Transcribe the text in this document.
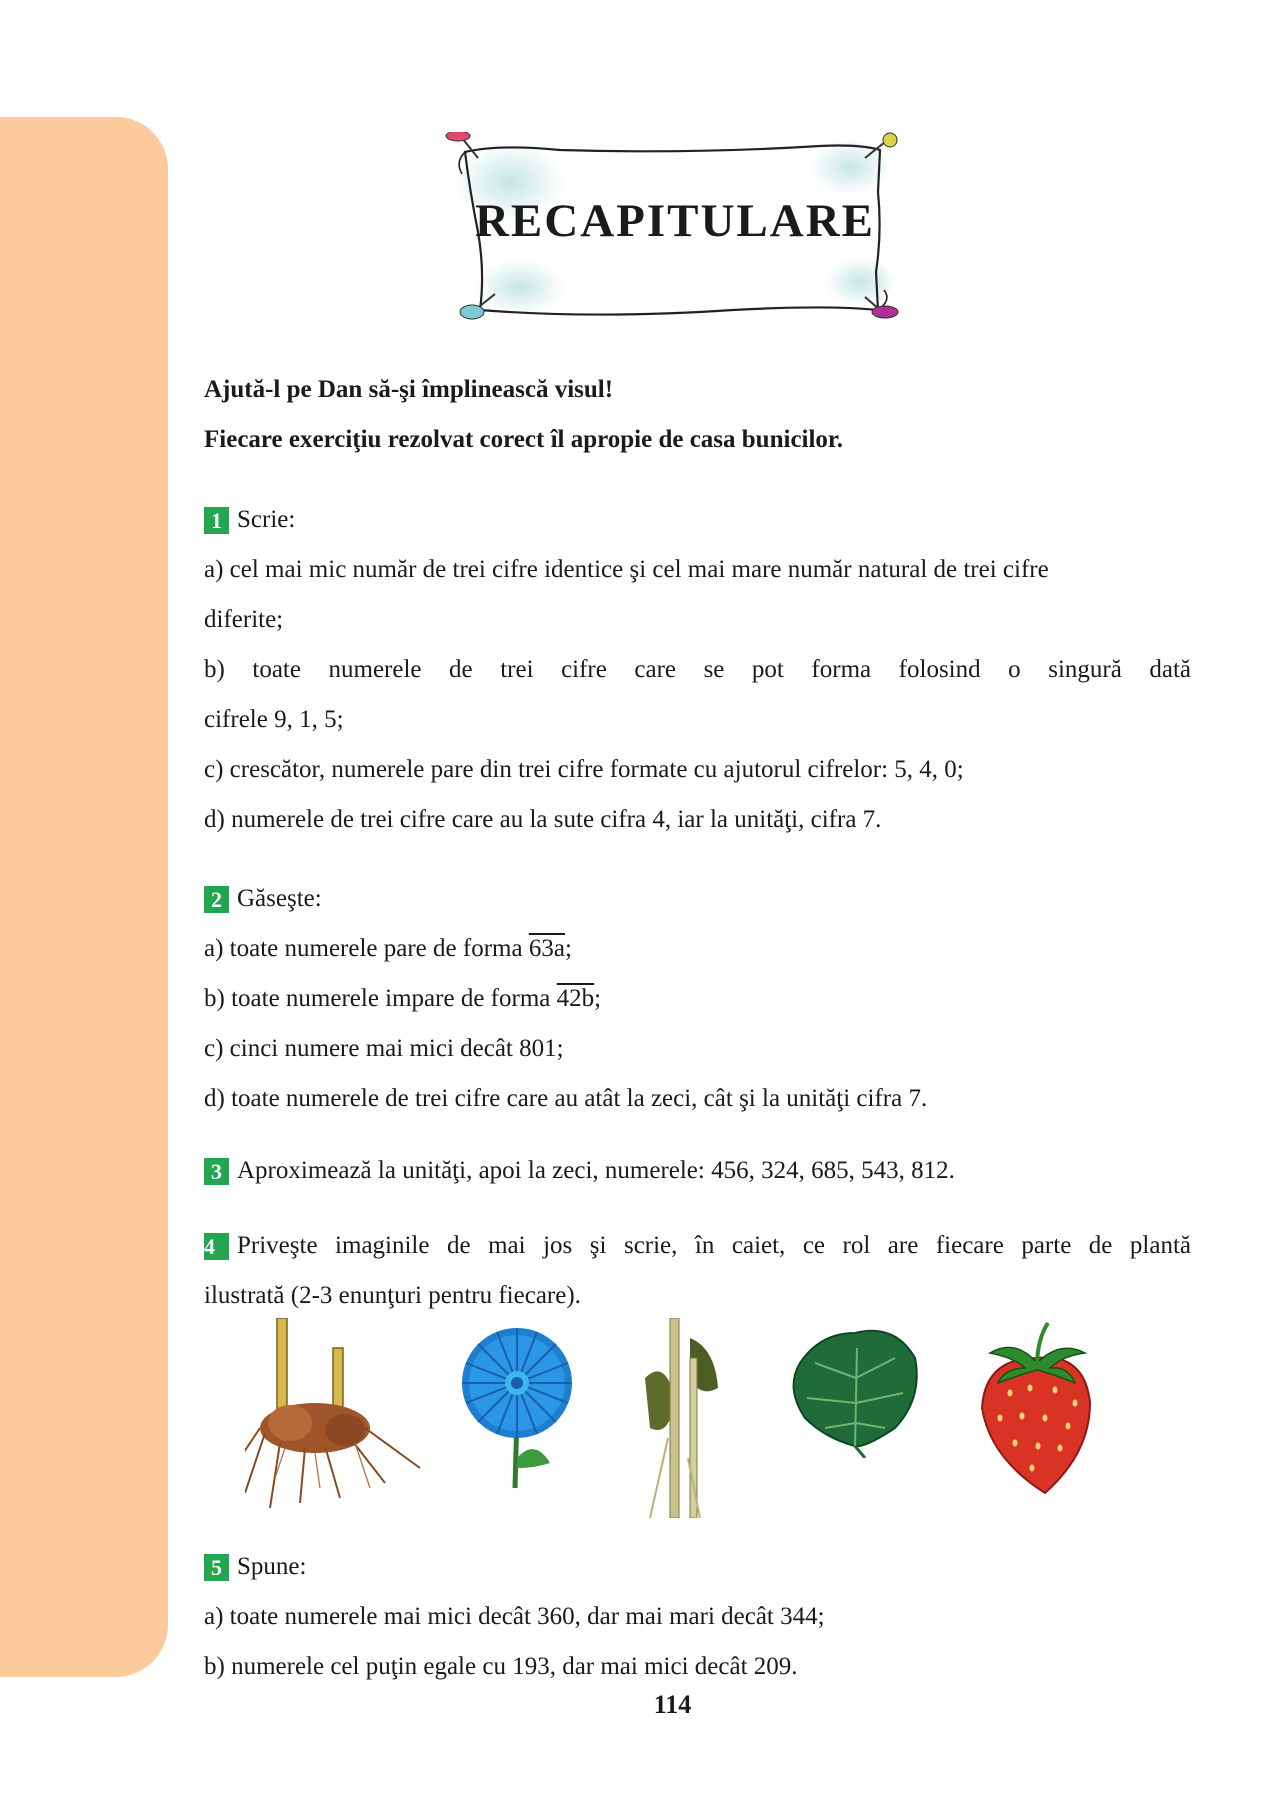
RECAPITULARE
Ajută-l pe Dan să-şi împlinească visul!
Fiecare exerciţiu rezolvat corect îl apropie de casa bunicilor.
1 Scrie:
a) cel mai mic număr de trei cifre identice şi cel mai mare număr natural de trei cifre
diferite;
b) toate numerele de trei cifre care se pot forma folosind o singură dată
cifrele 9, 1, 5;
c) crescător, numerele pare din trei cifre formate cu ajutorul cifrelor: 5, 4, 0;
d) numerele de trei cifre care au la sute cifra 4, iar la unităţi, cifra 7.
2 Găseşte:
a) toate numerele pare de forma 63a;
b) toate numerele impare de forma 42b;
c) cinci numere mai mici decât 801;
d) toate numerele de trei cifre care au atât la zeci, cât şi la unităţi cifra 7.
3 Aproximează la unităţi, apoi la zeci, numerele: 456, 324, 685, 543, 812.
4 Priveşte imaginile de mai jos şi scrie, în caiet, ce rol are fiecare parte de plantă
ilustrată (2-3 enunţuri pentru fiecare).
5 Spune:
a) toate numerele mai mici decât 360, dar mai mari decât 344;
b) numerele cel puţin egale cu 193, dar mai mici decât 209.
114
